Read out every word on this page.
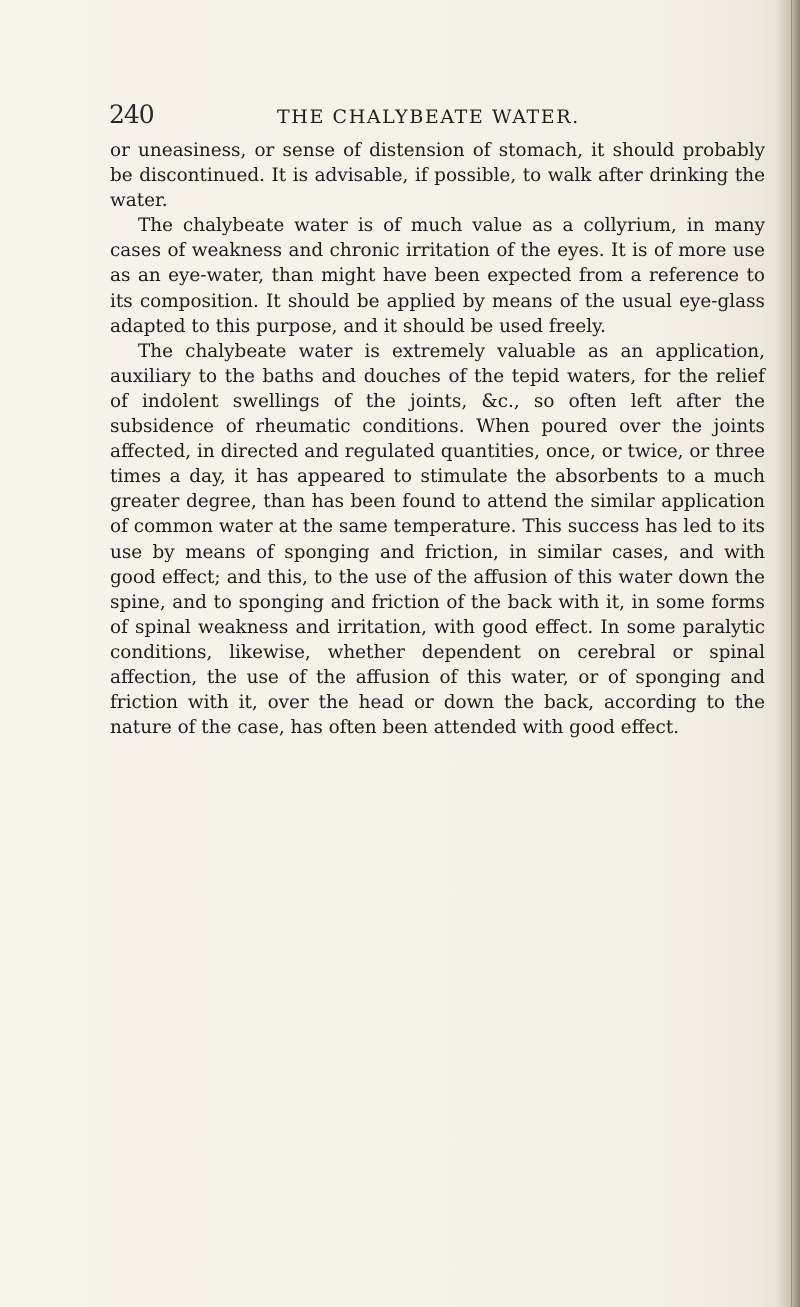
240	THE CHALYBEATE WATER.

or uneasiness, or sense of distension of stomach, it should probably be discontinued. It is advisable, if possible, to walk after drinking the water.

The chalybeate water is of much value as a collyrium, in many cases of weakness and chronic irritation of the eyes. It is of more use as an eye-water, than might have been expected from a reference to its composition. It should be applied by means of the usual eye-glass adapted to this purpose, and it should be used freely.

The chalybeate water is extremely valuable as an application, auxiliary to the baths and douches of the tepid waters, for the relief of indolent swellings of the joints, &c., so often left after the subsidence of rheumatic conditions. When poured over the joints affected, in directed and regulated quantities, once, or twice, or three times a day, it has appeared to stimulate the absorbents to a much greater degree, than has been found to attend the similar application of common water at the same temperature. This success has led to its use by means of sponging and friction, in similar cases, and with good effect; and this, to the use of the affusion of this water down the spine, and to sponging and friction of the back with it, in some forms of spinal weakness and irritation, with good effect. In some paralytic conditions, likewise, whether dependent on cerebral or spinal affection, the use of the affusion of this water, or of sponging and friction with it, over the head or down the back, according to the nature of the case, has often been attended with good effect.
